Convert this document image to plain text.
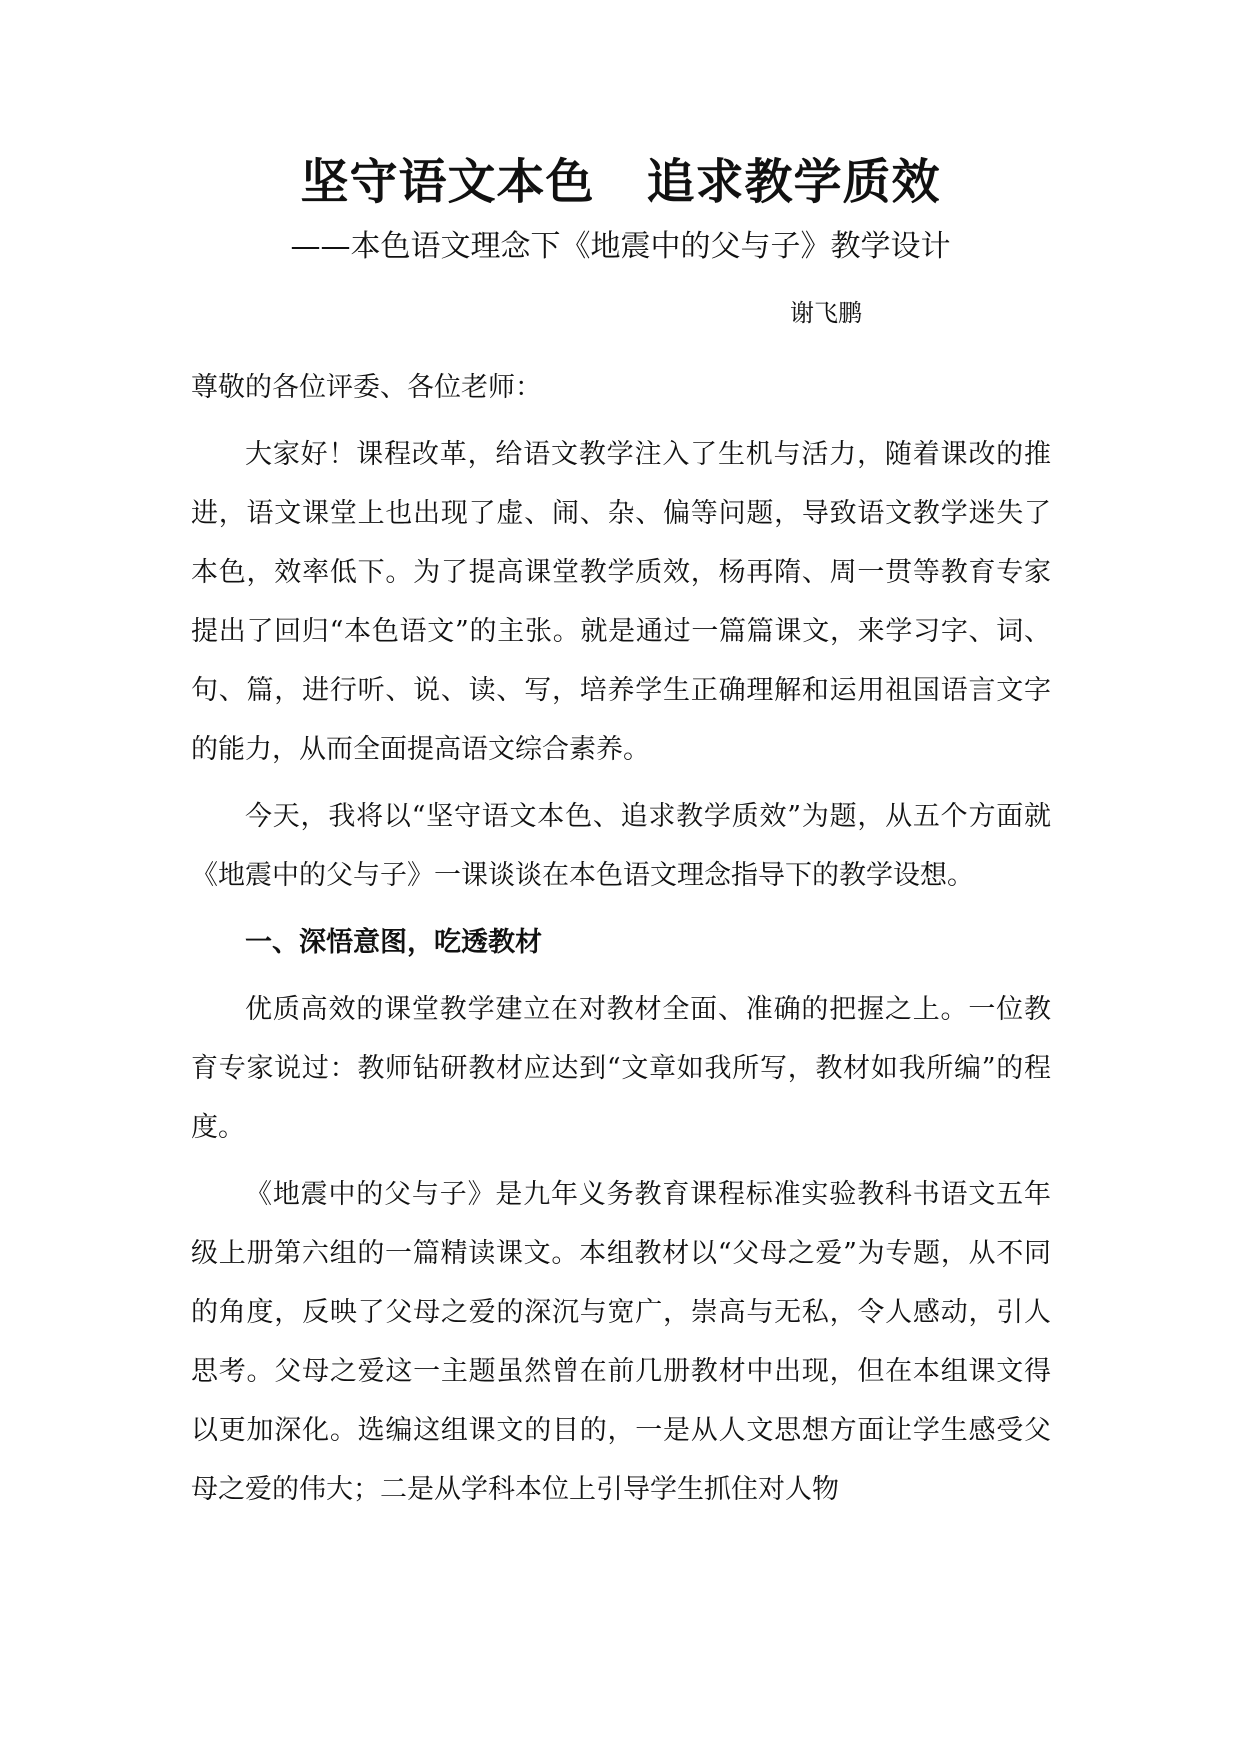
坚守语文本色 追求教学质效

——本色语文理念下《地震中的父与子》教学设计

谢飞鹏

尊敬的各位评委、各位老师：

大家好！课程改革，给语文教学注入了生机与活力，随着课改的推进，语文课堂上也出现了虚、闹、杂、偏等问题，导致语文教学迷失了本色，效率低下。为了提高课堂教学质效，杨再隋、周一贯等教育专家提出了回归“本色语文”的主张。就是通过一篇篇课文，来学习字、词、句、篇，进行听、说、读、写，培养学生正确理解和运用祖国语言文字的能力，从而全面提高语文综合素养。

今天，我将以“坚守语文本色、追求教学质效”为题，从五个方面就《地震中的父与子》一课谈谈在本色语文理念指导下的教学设想。

一、深悟意图，吃透教材

优质高效的课堂教学建立在对教材全面、准确的把握之上。一位教育专家说过：教师钻研教材应达到“文章如我所写，教材如我所编”的程度。

《地震中的父与子》是九年义务教育课程标准实验教科书语文五年级上册第六组的一篇精读课文。本组教材以“父母之爱”为专题，从不同的角度，反映了父母之爱的深沉与宽广，崇高与无私，令人感动，引人思考。父母之爱这一主题虽然曾在前几册教材中出现，但在本组课文得以更加深化。选编这组课文的目的，一是从人文思想方面让学生感受父母之爱的伟大；二是从学科本位上引导学生抓住对人物
